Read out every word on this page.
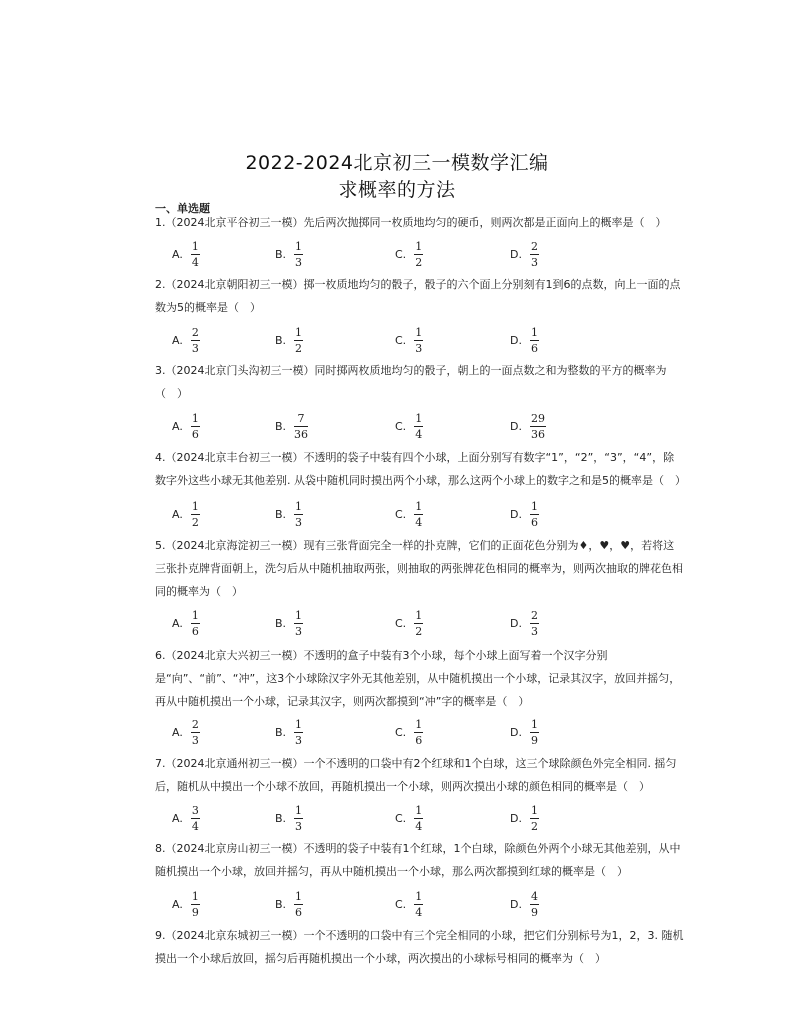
2022-2024北京初三一模数学汇编
求概率的方法
一、单选题
1.（2024北京平谷初三一模）先后两次抛掷同一枚质地均匀的硬币，则两次都是正面向上的概率是（　）
A. $\frac{1}{4}$	B. $\frac{1}{3}$	C. $\frac{1}{2}$	D. $\frac{2}{3}$
2.（2024北京朝阳初三一模）掷一枚质地均匀的骰子，骰子的六个面上分别刻有1到6的点数，向上一面的点数为5的概率是（　）
A. $\frac{2}{3}$	B. $\frac{1}{2}$	C. $\frac{1}{3}$	D. $\frac{1}{6}$
3.（2024北京门头沟初三一模）同时掷两枚质地均匀的骰子，朝上的一面点数之和为整数的平方的概率为（　）
A. $\frac{1}{6}$	B. $\frac{7}{36}$	C. $\frac{1}{4}$	D. $\frac{29}{36}$
4.（2024北京丰台初三一模）不透明的袋子中装有四个小球，上面分别写有数字“1”，“2”，“3”，“4”，除数字外这些小球无其他差别. 从袋中随机同时摸出两个小球，那么这两个小球上的数字之和是5的概率是（　）
A. $\frac{1}{2}$	B. $\frac{1}{3}$	C. $\frac{1}{4}$	D. $\frac{1}{6}$
5.（2024北京海淀初三一模）现有三张背面完全一样的扑克牌，它们的正面花色分别为♦，♥，♥，若将这三张扑克牌背面朝上，洗匀后从中随机抽取两张，则抽取的两张牌花色相同的概率为，则两次抽取的牌花色相同的概率为（　）
A. $\frac{1}{6}$	B. $\frac{1}{3}$	C. $\frac{1}{2}$	D. $\frac{2}{3}$
6.（2024北京大兴初三一模）不透明的盒子中装有3个小球，每个小球上面写着一个汉字分别是“向”、“前”、“冲”，这3个小球除汉字外无其他差别，从中随机摸出一个小球，记录其汉字，放回并摇匀，再从中随机摸出一个小球，记录其汉字，则两次都摸到“冲”字的概率是（　）
A. $\frac{2}{3}$	B. $\frac{1}{3}$	C. $\frac{1}{6}$	D. $\frac{1}{9}$
7.（2024北京通州初三一模）一个不透明的口袋中有2个红球和1个白球，这三个球除颜色外完全相同. 摇匀后，随机从中摸出一个小球不放回，再随机摸出一个小球，则两次摸出小球的颜色相同的概率是（　）
A. $\frac{3}{4}$	B. $\frac{1}{3}$	C. $\frac{1}{4}$	D. $\frac{1}{2}$
8.（2024北京房山初三一模）不透明的袋子中装有1个红球，1个白球，除颜色外两个小球无其他差别，从中随机摸出一个小球，放回并摇匀，再从中随机摸出一个小球，那么两次都摸到红球的概率是（　）
A. $\frac{1}{9}$	B. $\frac{1}{6}$	C. $\frac{1}{4}$	D. $\frac{4}{9}$
9.（2024北京东城初三一模）一个不透明的口袋中有三个完全相同的小球，把它们分别标号为1，2，3. 随机摸出一个小球后放回，摇匀后再随机摸出一个小球，两次摸出的小球标号相同的概率为（　）
